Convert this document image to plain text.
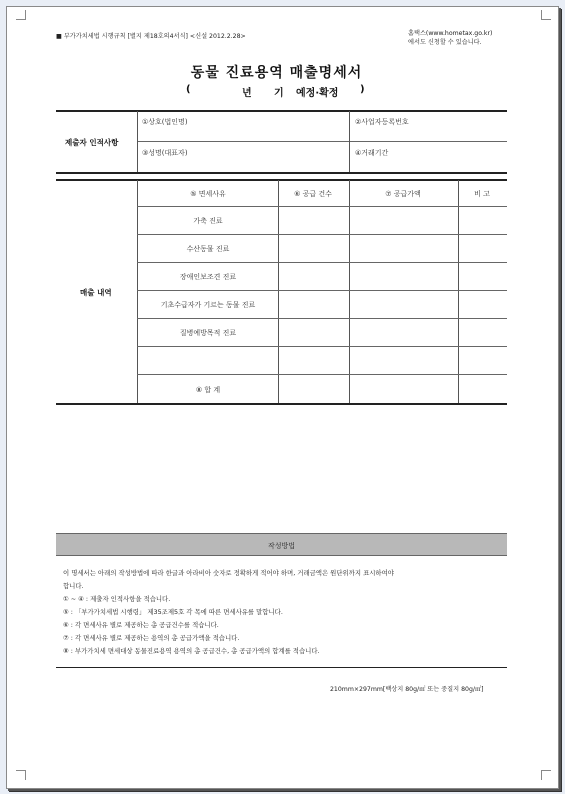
■ 부가가치세법 시행규칙 [별지 제18호의4서식] <신설 2012.2.28>	홈택스(www.hometax.go.kr)
에서도 신청할 수 있습니다.
동물 진료용역 매출명세서
(	년 기 예정·확정 )
제출자 인적사항
①상호(법인명)	②사업자등록번호
③성명(대표자)	④거래기간
매출 내역
⑤ 면세사유	⑥ 공급 건수	⑦ 공급가액	비 고
가축 진료
수산동물 진료
장애인보조견 진료
기초수급자가 기르는 동물 진료
질병예방목적 진료
⑧ 합 계
작성방법

이 명세서는 아래의 작성방법에 따라 한글과 아라비아 숫자로 정확하게 적어야 하며, 거래금액은 원단위까지 표시하여야

합니다.

① ~ ④ : 제출자 인적사항을 적습니다.

⑤ : 「부가가치세법 시행령」 제35조제5호 각 목에 따른 면세사유를 말합니다.

⑥ : 각 면세사유 별로 제공하는 총 공급건수를 적습니다.

⑦ : 각 면세사유 별로 제공하는 용역의 총 공급가액을 적습니다.

⑧ : 부가가치세 면세대상 동물진료용역 용역의 총 공급건수, 총 공급가액의 합계를 적습니다.

210mm×297mm[백상지 80g/㎡ 또는 중질지 80g/㎡]
